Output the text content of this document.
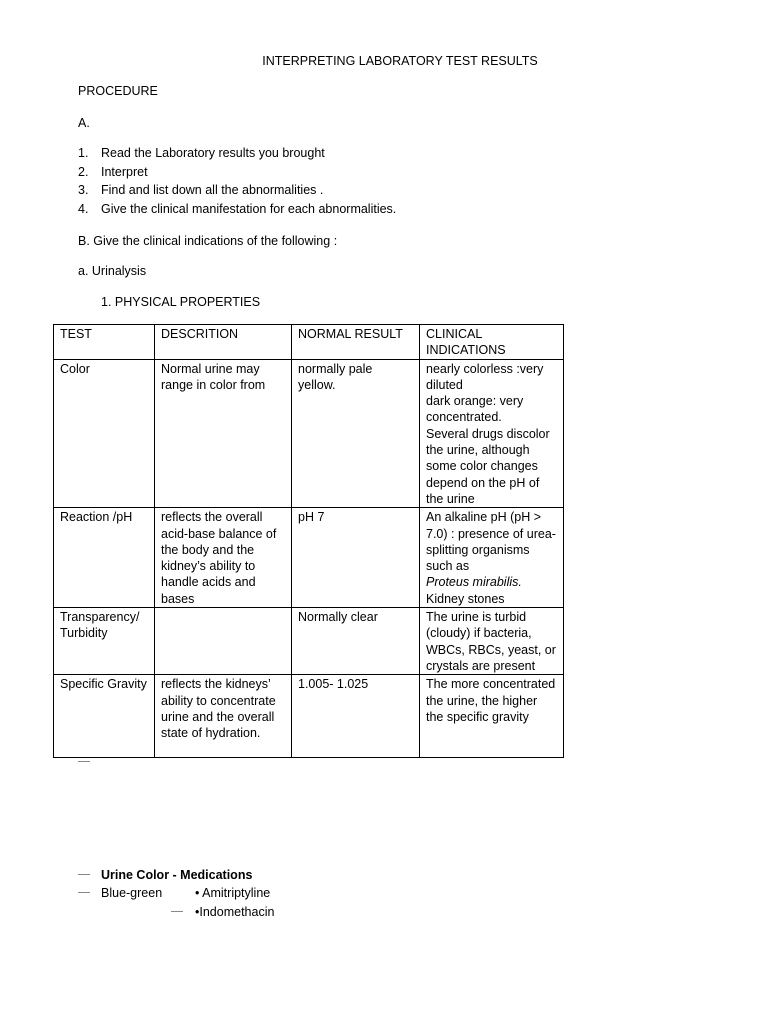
INTERPRETING LABORATORY TEST RESULTS
PROCEDURE
A.
1. Read the Laboratory results you brought
2. Interpret
3. Find and list down all the abnormalities .
4. Give the clinical manifestation for each abnormalities.
B. Give the clinical indications of the following :
a. Urinalysis
1. PHYSICAL PROPERTIES
TEST	DESCRITION	NORMAL RESULT	CLINICAL INDICATIONS
Color	Normal urine may range in color from	normally pale yellow.	nearly colorless :very diluted
dark orange: very concentrated.
Several drugs discolor the urine, although some color changes depend on the pH of the urine
Reaction /pH	reflects the overall acid-base balance of the body and the kidney’s ability to handle acids and bases	pH 7	An alkaline pH (pH > 7.0) : presence of urea-splitting organisms such as
Proteus mirabilis.
Kidney stones
Transparency/ Turbidity		Normally clear	The urine is turbid (cloudy) if bacteria, WBCs, RBCs, yeast, or crystals are present
Specific Gravity	reflects the kidneys’ ability to concentrate urine and the overall state of hydration.	1.005- 1.025	The more concentrated the urine, the higher the specific gravity
Urine Color - Medications
Blue-green	• Amitriptyline
•Indomethacin
